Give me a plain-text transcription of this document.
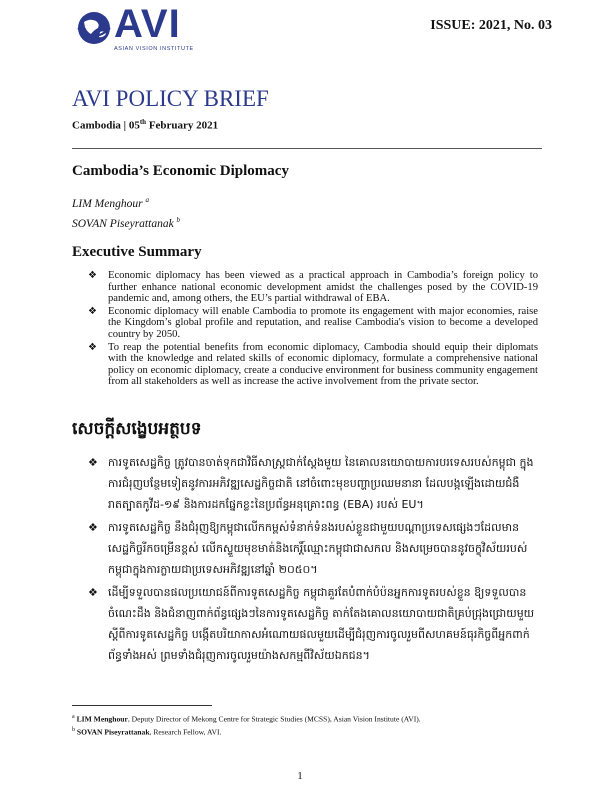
AVI
ASIAN VISION INSTITUTE
ISSUE: 2021, No. 03
AVI POLICY BRIEF
Cambodia | 05th February 2021
Cambodia’s Economic Diplomacy
LIM Menghour $^a$
SOVAN Piseyrattanak $^b$
Executive Summary
❖ Economic diplomacy has been viewed as a practical approach in Cambodia’s foreign policy to further enhance national economic development amidst the challenges posed by the COVID-19 pandemic and, among others, the EU’s partial withdrawal of EBA.
❖ Economic diplomacy will enable Cambodia to promote its engagement with major economies, raise the Kingdom’s global profile and reputation, and realise Cambodia's vision to become a developed country by 2050.
❖ To reap the potential benefits from economic diplomacy, Cambodia should equip their diplomats with the knowledge and related skills of economic diplomacy, formulate a comprehensive national policy on economic diplomacy, create a conducive environment for business community engagement from all stakeholders as well as increase the active involvement from the private sector.
សេចក្តីសង្ខេបអត្ថបទ
❖ ការទូតសេដ្ឋកិច្ច ត្រូវបានចាត់ទុកជាវិធីសាស្រ្តជាក់ស្តែងមួយ នៃគោលនយោបាយការបរទេសរបស់កម្ពុជា ក្នុងការជំរុញបន្ថែមទៀតនូវការអភិវឌ្ឍសេដ្ឋកិច្ចជាតិ នៅចំពោះមុខបញ្ហាប្រឈមនានា ដែលបង្កឡើងដោយជំងឺរាតត្បាតកូវីដ-១៩ និងការដកផ្នែកខ្លះនៃប្រព័ន្ធអនុគ្រោះពន្ធ (EBA) របស់ EU។
❖ ការទូតសេដ្ឋកិច្ច នឹងជំរុញឱ្យកម្ពុជាលើកកម្ពស់ទំនាក់ទំនងរបស់ខ្លួនជាមួយបណ្តាប្រទេសផ្សេងៗដែលមានសេដ្ឋកិច្ចរីកចម្រើនខ្ពស់ លើកស្ទួយមុខមាត់និងកេរ្តិ៍ឈ្មោះកម្ពុជាជាសកល និងសម្រេចបាននូវចក្ខុវិស័យរបស់កម្ពុជាក្នុងការក្លាយជាប្រទេសអភិវឌ្ឍនៅឆ្នាំ ២០៥០។
❖ ដើម្បីទទួលបានផលប្រយោជន៍ពីការទូតសេដ្ឋកិច្ច កម្ពុជាគួរតែបំពាក់បំប៉នអ្នកការទូតរបស់ខ្លួន ឱ្យទទួលបានចំណេះដឹង និងជំនាញពាក់ព័ន្ធផ្សេងៗនៃការទូតសេដ្ឋកិច្ច តាក់តែងគោលនយោបាយជាតិគ្រប់ជ្រុងជ្រោយមួយស្តីពីការទូតសេដ្ឋកិច្ច បង្កើតបរិយាកាសអំណោយផលមួយដើម្បីជំរុញការចូលរួមពីសហគមន៍ធុរកិច្ចពីអ្នកពាក់ព័ន្ធទាំងអស់ ព្រមទាំងជំរុញការចូលរួមយ៉ាងសកម្មពីវិស័យឯកជន។
$^a$ LIM Menghour, Deputy Director of Mekong Centre for Strategic Studies (MCSS), Asian Vision Institute (AVI).
$^b$ SOVAN Piseyrattanak, Research Fellow, AVI.
1
